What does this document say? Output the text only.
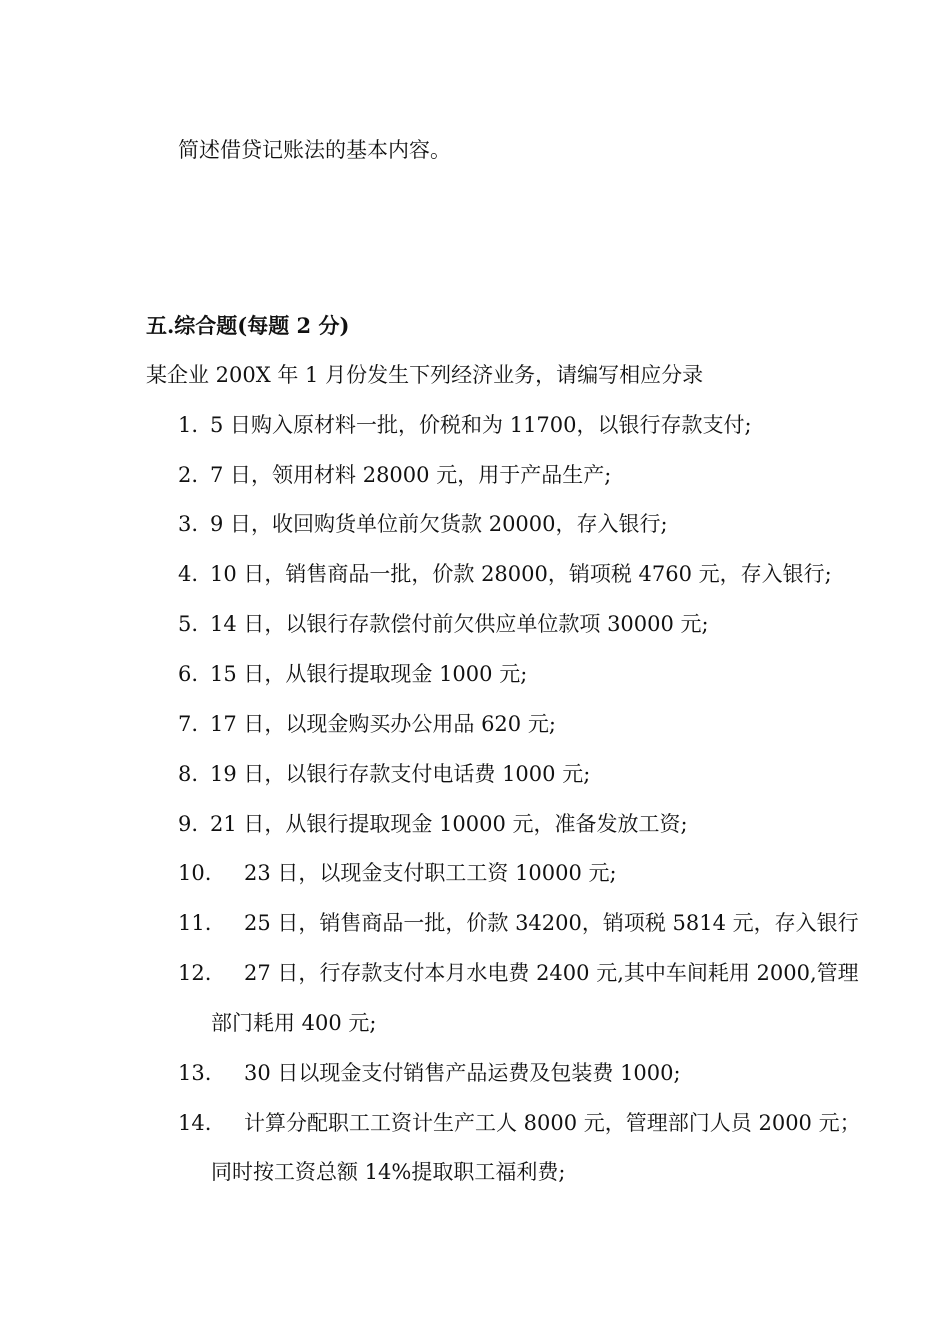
简述借贷记账法的基本内容。
五.综合题(每题 2 分)
某企业 200X 年 1 月份发生下列经济业务，请编写相应分录
1. 5 日购入原材料一批，价税和为 11700，以银行存款支付;
2. 7 日，领用材料 28000 元，用于产品生产;
3. 9 日，收回购货单位前欠货款 20000，存入银行;
4. 10 日，销售商品一批，价款 28000，销项税 4760 元，存入银行;
5. 14 日，以银行存款偿付前欠供应单位款项 30000 元;
6. 15 日，从银行提取现金 1000 元;
7. 17 日，以现金购买办公用品 620 元;
8. 19 日，以银行存款支付电话费 1000 元;
9. 21 日，从银行提取现金 10000 元，准备发放工资;
10. 23 日，以现金支付职工工资 10000 元;
11. 25 日，销售商品一批，价款 34200，销项税 5814 元，存入银行
12. 27 日，行存款支付本月水电费 2400 元,其中车间耗用 2000,管理
部门耗用 400 元;
13. 30 日以现金支付销售产品运费及包装费 1000;
14. 计算分配职工工资计生产工人 8000 元，管理部门人员 2000 元；
同时按工资总额 14%提取职工福利费;
